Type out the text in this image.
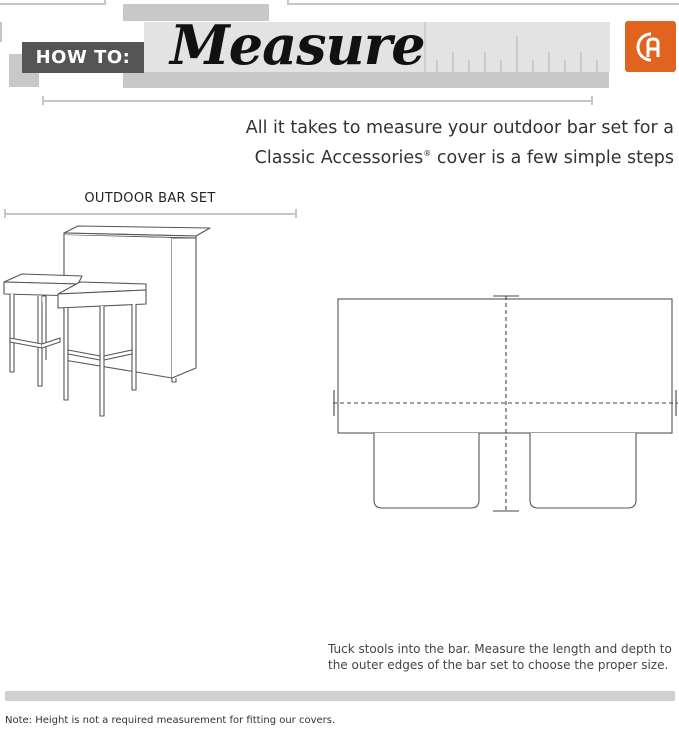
HOW TO: Measure
All it takes to measure your outdoor bar set for a
Classic Accessories® cover is a few simple steps
OUTDOOR BAR SET
Tuck stools into the bar. Measure the length and depth to the outer edges of the bar set to choose the proper size.
Note: Height is not a required measurement for fitting our covers.
